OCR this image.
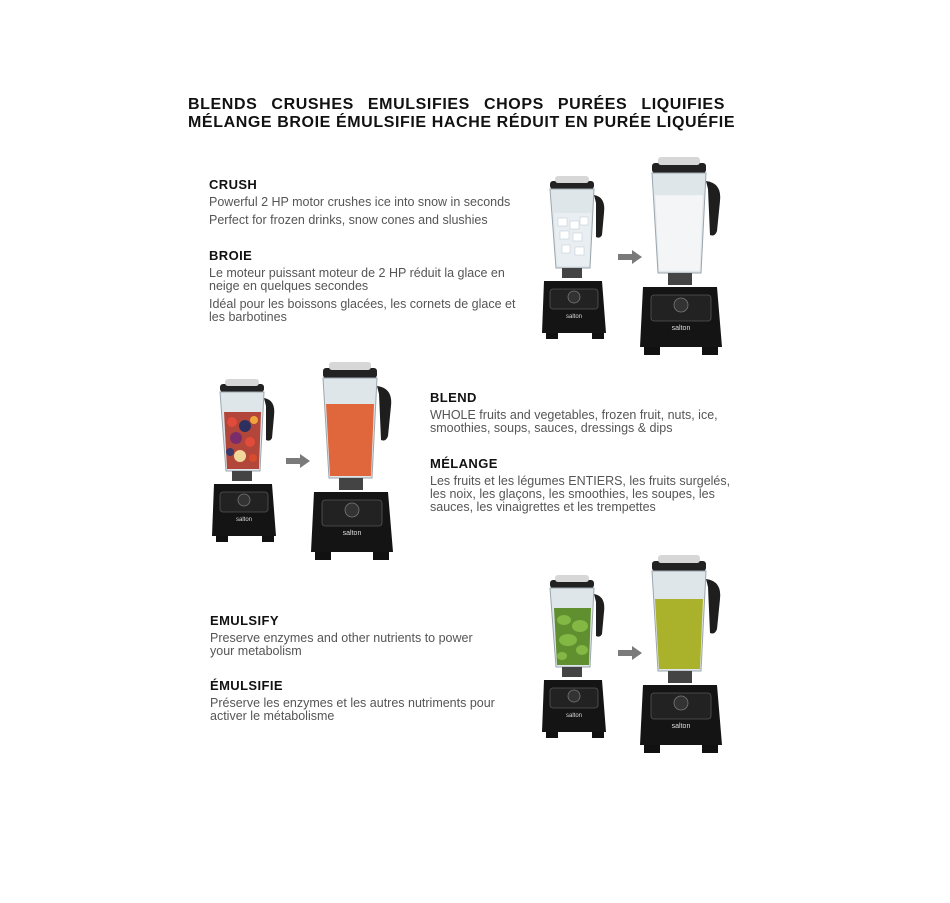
BLENDS CRUSHES EMULSIFIES CHOPS PURÉES LIQUIFIES
MÉLANGE BROIE ÉMULSIFIE HACHE RÉDUIT EN PURÉE LIQUÉFIE
CRUSH

Powerful 2 HP motor crushes ice into snow in seconds

Perfect for frozen drinks, snow cones and slushies

BROIE

Le moteur puissant moteur de 2 HP réduit la glace en neige en quelques secondes

Idéal pour les boissons glacées, les cornets de glace et les barbotines

BLEND

WHOLE fruits and vegetables, frozen fruit, nuts, ice, smoothies, soups, sauces, dressings & dips

MÉLANGE

Les fruits et les légumes ENTIERS, les fruits surgelés, les noix, les glaçons, les smoothies, les soupes, les sauces, les vinaigrettes et les trempettes

EMULSIFY

Preserve enzymes and other nutrients to power your metabolism

ÉMULSIFIE

Préserve les enzymes et les autres nutriments pour activer le métabolisme

salton
salton
salton
salton
salton
salton
